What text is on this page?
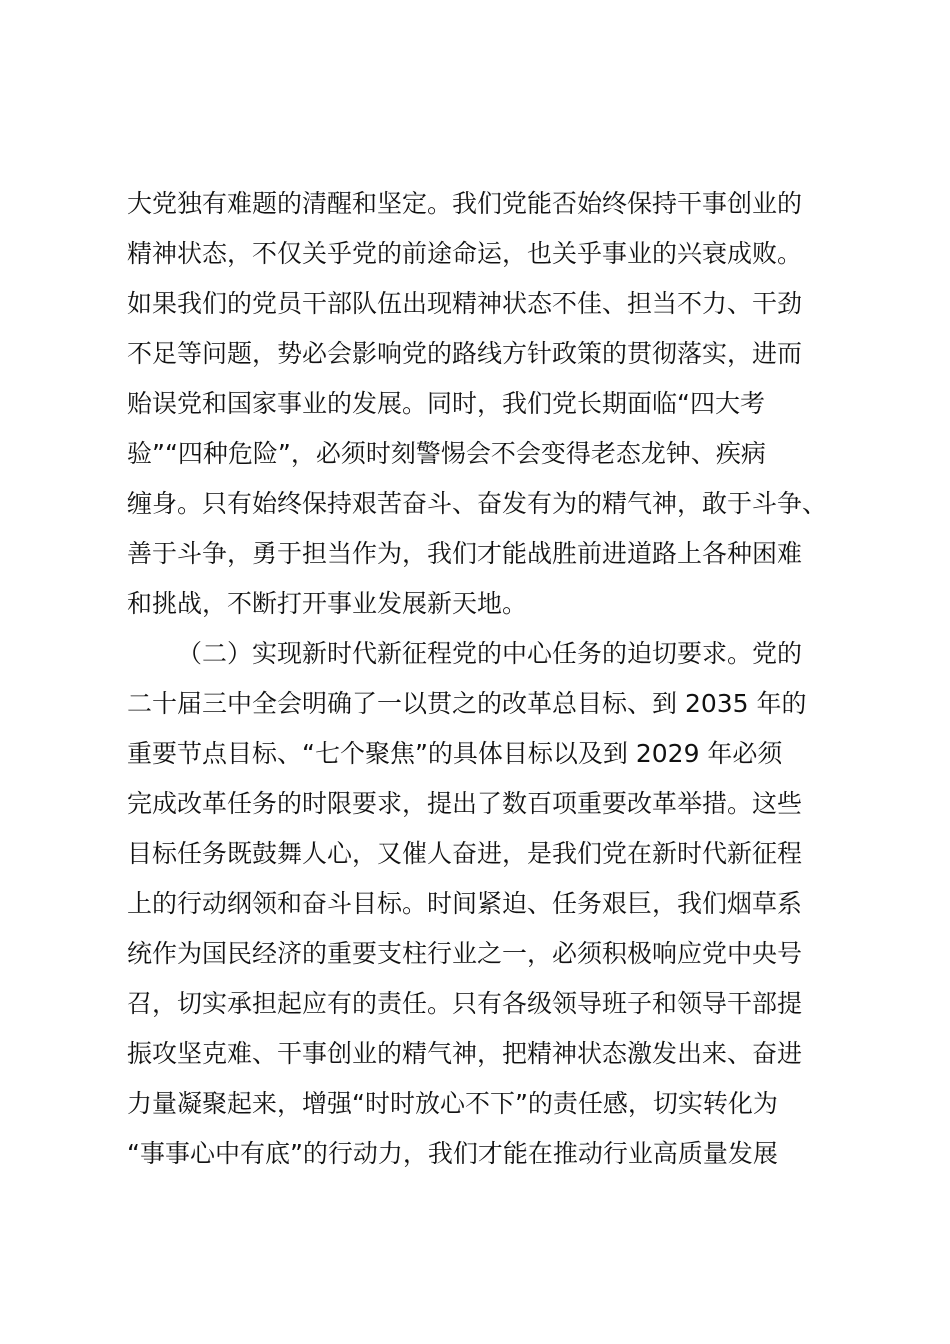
大党独有难题的清醒和坚定。我们党能否始终保持干事创业的
精神状态，不仅关乎党的前途命运，也关乎事业的兴衰成败。
如果我们的党员干部队伍出现精神状态不佳、担当不力、干劲
不足等问题，势必会影响党的路线方针政策的贯彻落实，进而
贻误党和国家事业的发展。同时，我们党长期面临“四大考
验”“四种危险”，必须时刻警惕会不会变得老态龙钟、疾病
缠身。只有始终保持艰苦奋斗、奋发有为的精气神，敢于斗争、
善于斗争，勇于担当作为，我们才能战胜前进道路上各种困难
和挑战，不断打开事业发展新天地。
（二）实现新时代新征程党的中心任务的迫切要求。党的
二十届三中全会明确了一以贯之的改革总目标、到 2035 年的
重要节点目标、“七个聚焦”的具体目标以及到 2029 年必须
完成改革任务的时限要求，提出了数百项重要改革举措。这些
目标任务既鼓舞人心，又催人奋进，是我们党在新时代新征程
上的行动纲领和奋斗目标。时间紧迫、任务艰巨，我们烟草系
统作为国民经济的重要支柱行业之一，必须积极响应党中央号
召，切实承担起应有的责任。只有各级领导班子和领导干部提
振攻坚克难、干事创业的精气神，把精神状态激发出来、奋进
力量凝聚起来，增强“时时放心不下”的责任感，切实转化为
“事事心中有底”的行动力，我们才能在推动行业高质量发展
